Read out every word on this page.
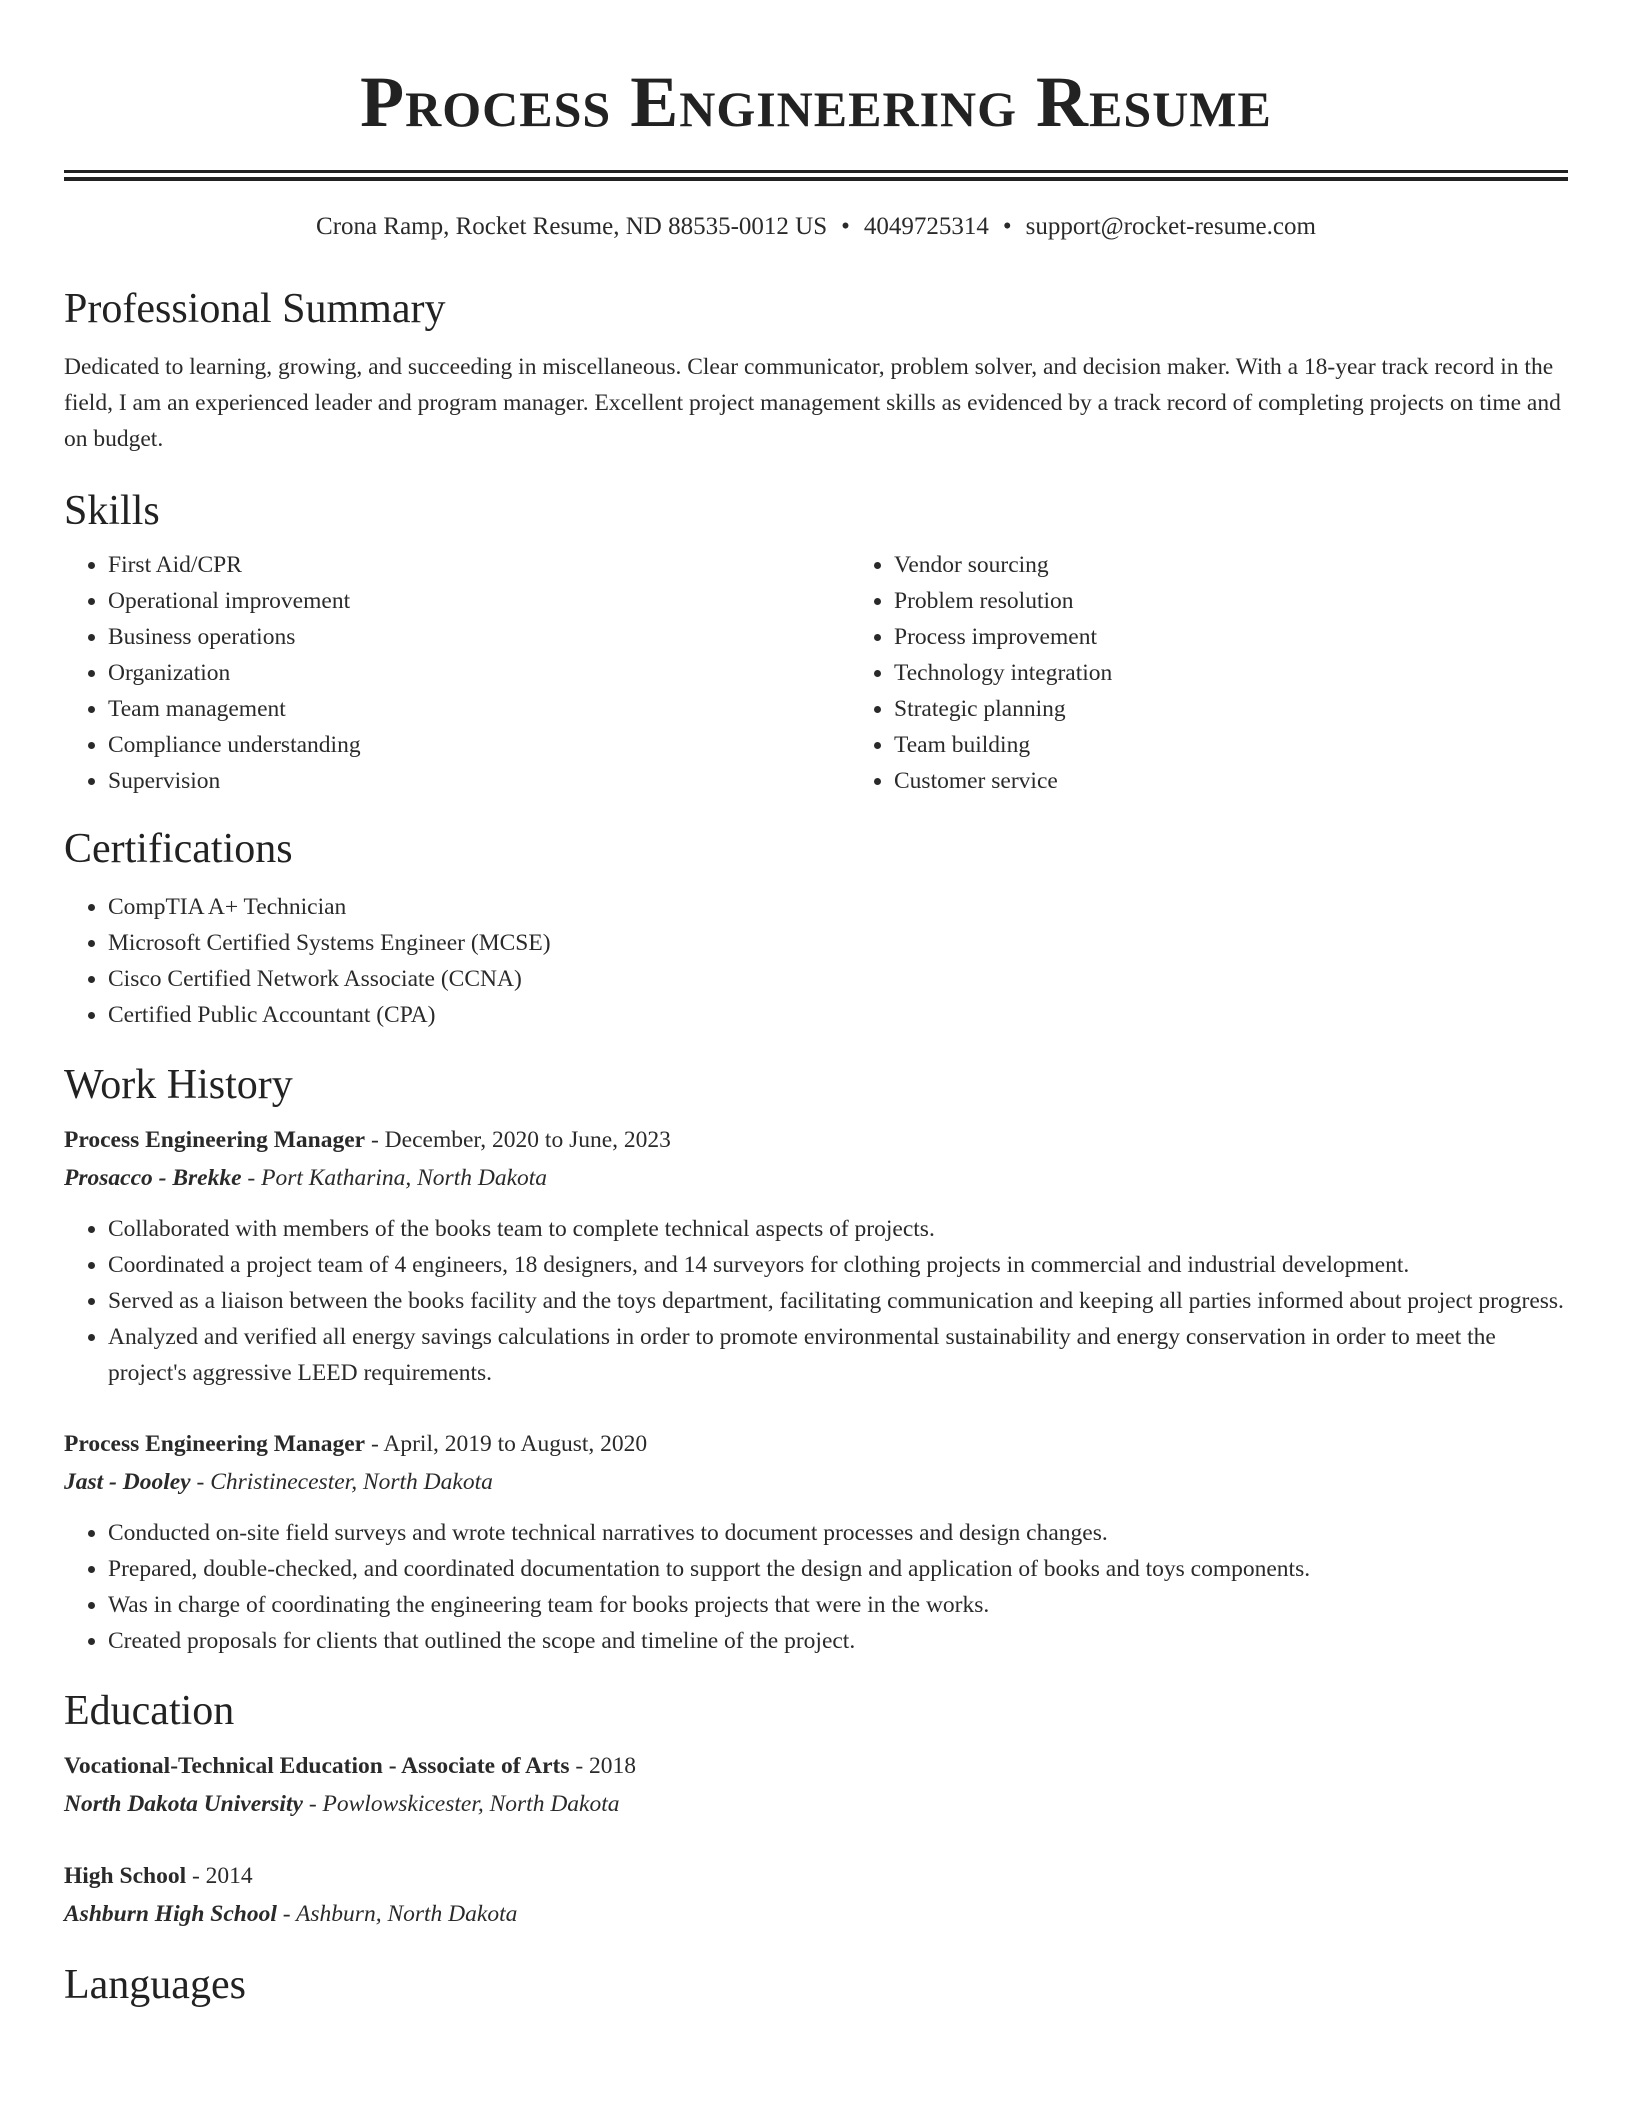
Process Engineering Resume
Crona Ramp, Rocket Resume, ND 88535-0012 US • 4049725314 • support@rocket-resume.com
Professional Summary

Dedicated to learning, growing, and succeeding in miscellaneous. Clear communicator, problem solver, and decision maker. With a 18-year track record in the field, I am an experienced leader and program manager. Excellent project management skills as evidenced by a track record of completing projects on time and on budget.

Skills
• First Aid/CPR
• Operational improvement
• Business operations
• Organization
• Team management
• Compliance understanding
• Supervision
• Vendor sourcing
• Problem resolution
• Process improvement
• Technology integration
• Strategic planning
• Team building
• Customer service
Certifications
• CompTIA A+ Technician
• Microsoft Certified Systems Engineer (MCSE)
• Cisco Certified Network Associate (CCNA)
• Certified Public Accountant (CPA)
Work History
Process Engineering Manager - December, 2020 to June, 2023
Prosacco - Brekke - Port Katharina, North Dakota
• Collaborated with members of the books team to complete technical aspects of projects.
• Coordinated a project team of 4 engineers, 18 designers, and 14 surveyors for clothing projects in commercial and industrial development.
• Served as a liaison between the books facility and the toys department, facilitating communication and keeping all parties informed about project progress.
• Analyzed and verified all energy savings calculations in order to promote environmental sustainability and energy conservation in order to meet the project's aggressive LEED requirements.
Process Engineering Manager - April, 2019 to August, 2020
Jast - Dooley - Christinecester, North Dakota
• Conducted on-site field surveys and wrote technical narratives to document processes and design changes.
• Prepared, double-checked, and coordinated documentation to support the design and application of books and toys components.
• Was in charge of coordinating the engineering team for books projects that were in the works.
• Created proposals for clients that outlined the scope and timeline of the project.
Education
Vocational-Technical Education - Associate of Arts - 2018
North Dakota University - Powlowskicester, North Dakota
High School - 2014
Ashburn High School - Ashburn, North Dakota
Languages
